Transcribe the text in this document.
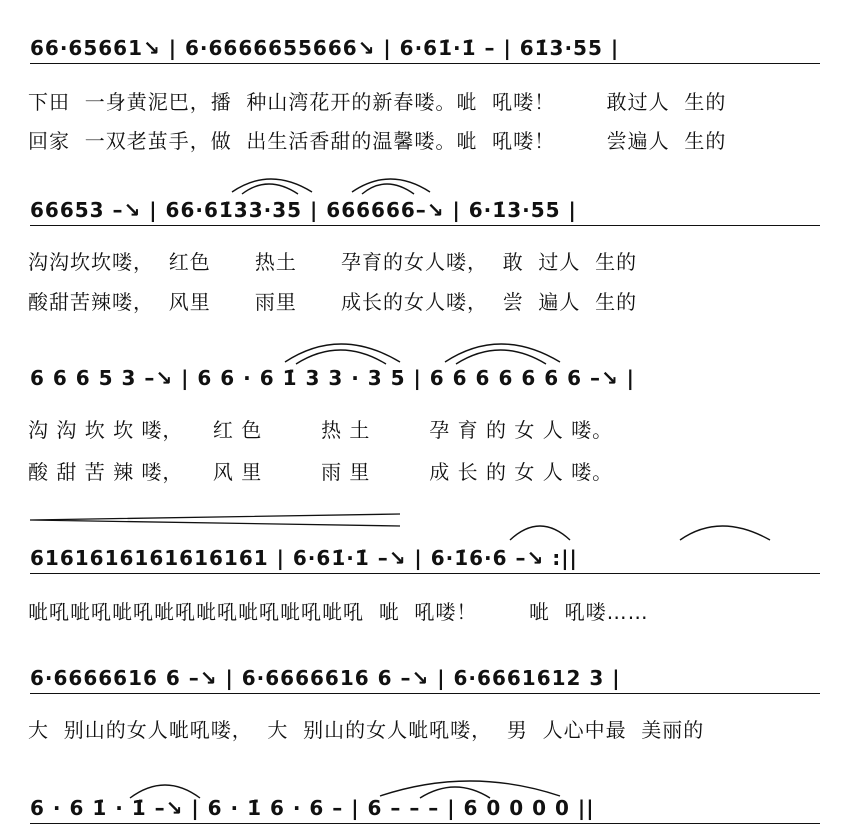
66·65661↘ | 6·6666655666↘ | 6·61̇·1̇ – | 61̇3·55 |
下田  一身黄泥巴，播  种山湾花开的新春喽。呲  吼喽！       敢过人  生的
回家  一双老茧手，做  出生活香甜的温馨喽。呲  吼喽！       尝遍人  生的
66653 –↘ | 66·61̇33·35 | 666666–↘ | 6·1̇3·55 |
沟沟坎坎喽，  红色      热土      孕育的女人喽，  敢  过人  生的
酸甜苦辣喽，  风里      雨里      成长的女人喽，  尝  遍人  生的
6 6 6 5 3 –↘ | 6 6 · 6 1̇ 3 3 · 3 5 | 6 6 6 6 6 6 6 –↘ |
沟 沟 坎 坎 喽，    红 色        热 土        孕 育 的 女 人 喽。
酸 甜 苦 辣 喽，    风 里        雨 里        成 长 的 女 人 喽。
6161616161616161 | 6·61̇·1̇ –↘ | 6·1̇6·6 –↘ :||
呲吼呲吼呲吼呲吼呲吼呲吼呲吼呲吼  呲  吼喽！       呲  吼喽……
6·6666616 6 –↘ | 6·6666616 6 –↘ | 6·6661612 3 |
大  别山的女人呲吼喽，  大  别山的女人呲吼喽，  男  人心中最  美丽的
6 · 6 1̇ · 1̇ –↘ | 6 · 1̇ 6 · 6 – | 6 – – – | 6 0 0 0 0 ||
